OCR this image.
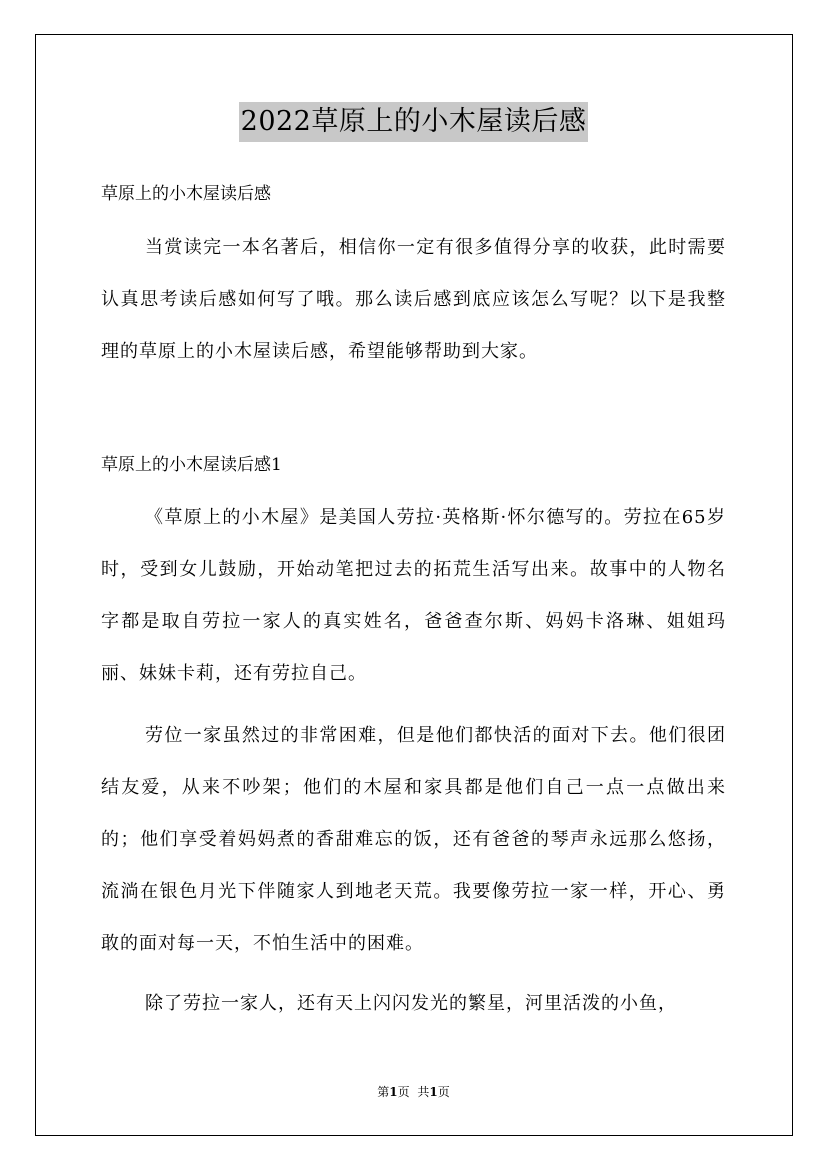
2022草原上的小木屋读后感

草原上的小木屋读后感

当赏读完一本名著后，相信你一定有很多值得分享的收获，此时需要认真思考读后感如何写了哦。那么读后感到底应该怎么写呢？以下是我整理的草原上的小木屋读后感，希望能够帮助到大家。

草原上的小木屋读后感1

《草原上的小木屋》是美国人劳拉·英格斯·怀尔德写的。劳拉在65岁时，受到女儿鼓励，开始动笔把过去的拓荒生活写出来。故事中的人物名字都是取自劳拉一家人的真实姓名，爸爸查尔斯、妈妈卡洛琳、姐姐玛丽、妹妹卡莉，还有劳拉自己。

劳位一家虽然过的非常困难，但是他们都快活的面对下去。他们很团结友爱，从来不吵架；他们的木屋和家具都是他们自己一点一点做出来的；他们享受着妈妈煮的香甜难忘的饭，还有爸爸的琴声永远那么悠扬，流淌在银色月光下伴随家人到地老天荒。我要像劳拉一家一样，开心、勇敢的面对每一天，不怕生活中的困难。

除了劳拉一家人，还有天上闪闪发光的繁星，河里活泼的小鱼，

第1页 共1页
